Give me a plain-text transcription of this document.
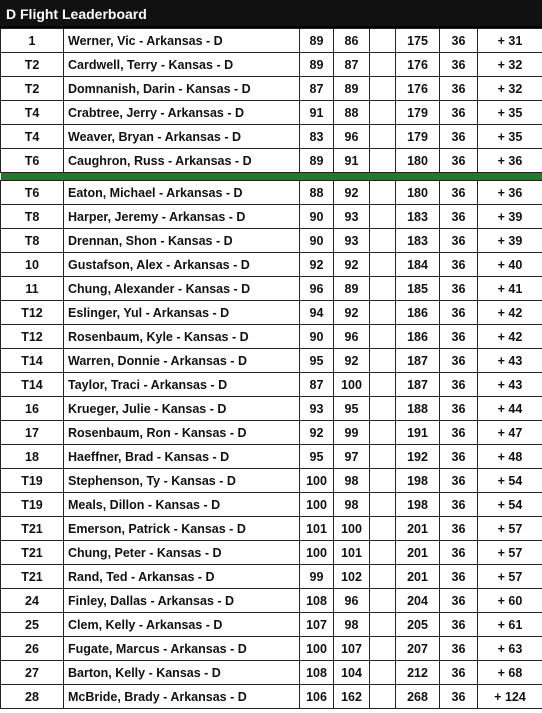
D Flight Leaderboard
1	Werner, Vic - Arkansas - D	89	86		175	36	+ 31
T2	Cardwell, Terry - Kansas - D	89	87		176	36	+ 32
T2	Domnanish, Darin - Kansas - D	87	89		176	36	+ 32
T4	Crabtree, Jerry - Arkansas - D	91	88		179	36	+ 35
T4	Weaver, Bryan - Arkansas - D	83	96		179	36	+ 35
T6	Caughron, Russ - Arkansas - D	89	91		180	36	+ 36

T6	Eaton, Michael - Arkansas - D	88	92		180	36	+ 36
T8	Harper, Jeremy - Arkansas - D	90	93		183	36	+ 39
T8	Drennan, Shon - Kansas - D	90	93		183	36	+ 39
10	Gustafson, Alex - Arkansas - D	92	92		184	36	+ 40
11	Chung, Alexander - Kansas - D	96	89		185	36	+ 41
T12	Eslinger, Yul - Arkansas - D	94	92		186	36	+ 42
T12	Rosenbaum, Kyle - Kansas - D	90	96		186	36	+ 42
T14	Warren, Donnie - Arkansas - D	95	92		187	36	+ 43
T14	Taylor, Traci - Arkansas - D	87	100		187	36	+ 43
16	Krueger, Julie - Kansas - D	93	95		188	36	+ 44
17	Rosenbaum, Ron - Kansas - D	92	99		191	36	+ 47
18	Haeffner, Brad - Kansas - D	95	97		192	36	+ 48
T19	Stephenson, Ty - Kansas - D	100	98		198	36	+ 54
T19	Meals, Dillon - Kansas - D	100	98		198	36	+ 54
T21	Emerson, Patrick - Kansas - D	101	100		201	36	+ 57
T21	Chung, Peter - Kansas - D	100	101		201	36	+ 57
T21	Rand, Ted - Arkansas - D	99	102		201	36	+ 57
24	Finley, Dallas - Arkansas - D	108	96		204	36	+ 60
25	Clem, Kelly - Arkansas - D	107	98		205	36	+ 61
26	Fugate, Marcus - Arkansas - D	100	107		207	36	+ 63
27	Barton, Kelly - Kansas - D	108	104		212	36	+ 68
28	McBride, Brady - Arkansas - D	106	162		268	36	+ 124
